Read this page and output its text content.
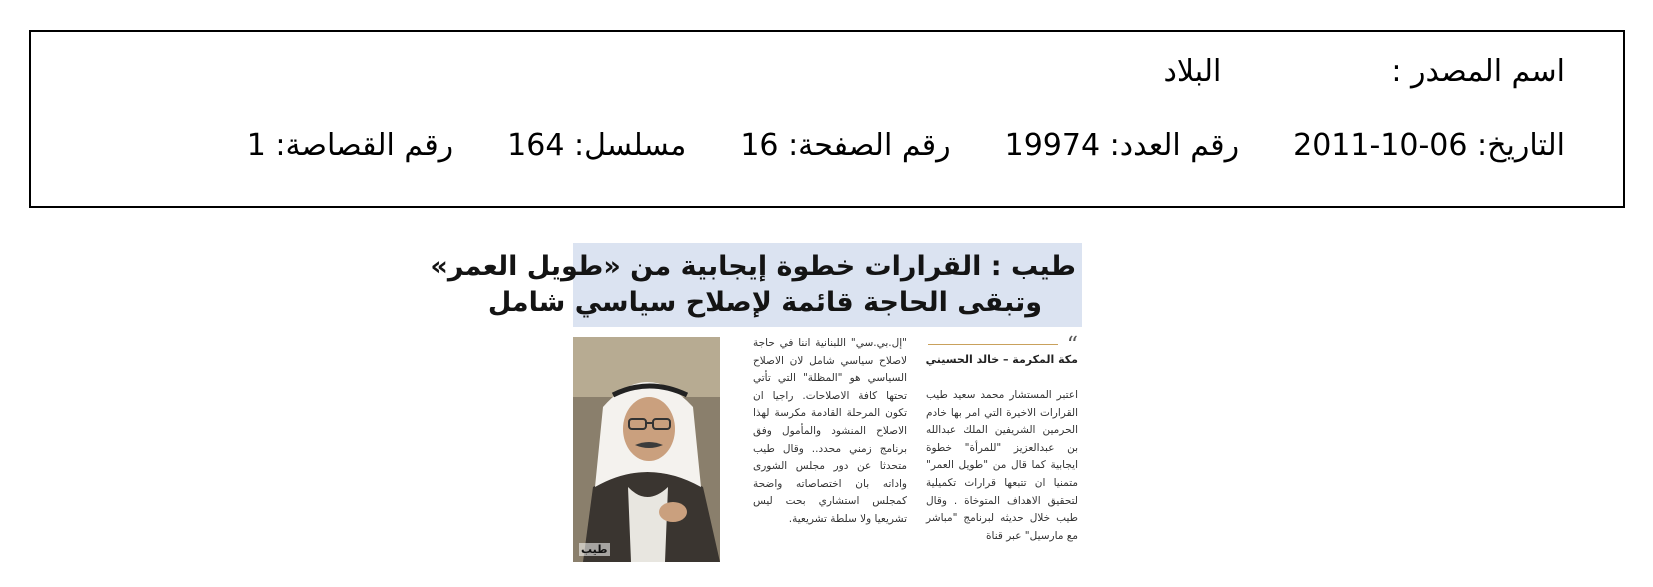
اسم المصدر :
البلاد
التاريخ:

2011-10-06
رقم العدد:

19974
رقم الصفحة:

16
مسلسل:

164
رقم القصاصة:

1
طيب : القرارات خطوة إيجابية من «طويل العمر»
وتبقى الحاجة قائمة لإصلاح سياسي شامل
“
مكة المكرمة – خالد الحسيني
اعتبر المستشار محمد سعيد طيب القرارات الاخيرة التي امر بها خادم الحرمين الشريفين الملك عبدالله بن عبدالعزيز "للمرأة" خطوة ايجابية كما قال من "طويل العمر" متمنيا ان تتبعها قرارات تكميلية لتحقيق الاهداف المتوخاة . وقال طيب خلال حديثه لبرنامج "مباشر مع مارسيل" عبر قناة
"إل.بي.سي" اللبنانية اننا في حاجة لاصلاح سياسي شامل لان الاصلاح السياسي هو "المظلة" التي تأتي تحتها كافة الاصلاحات. راجيا ان تكون المرحلة القادمة مكرسة لهذا الاصلاح المنشود والمأمول وفق برنامج زمني محدد.. وقال طيب متحدثا عن دور مجلس الشورى واداته بان اختصاصاته واضحة كمجلس استشاري بحت ليس تشريعيا ولا سلطة تشريعية.
طيب
